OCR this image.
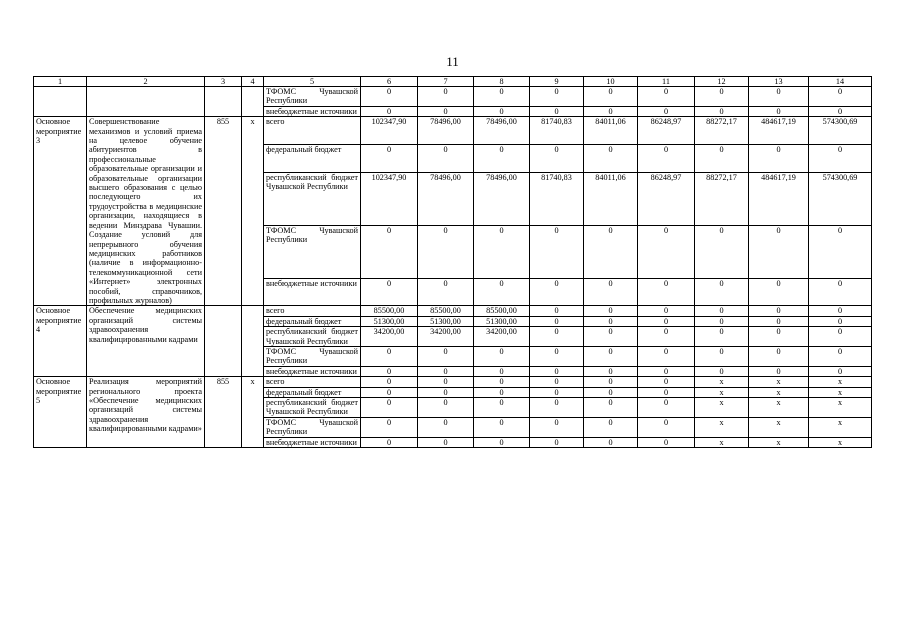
11
1	2	3	4	5	6	7	8	9	10	11	12	13	14
				ТФОМС Чувашской Республики	0	0	0	0	0	0	0	0	0
				внебюджетные источники	0	0	0	0	0	0	0	0	0
Основное мероприятие 3	Совершенствование механизмов и условий приема на целевое обучение абитуриентов в профессиональные образовательные организации и образовательные организации высшего образования с целью последующего их трудоустройства в медицинские организации, находящиеся в ведении Минздрава Чувашии. Создание условий для непрерывного обучения медицинских работников (наличие в информационно-телекоммуникационной сети «Интернет» электронных пособий, справочников, профильных журналов)	855	x	всего	102347,90	78496,00	78496,00	81740,83	84011,06	86248,97	88272,17	484617,19	574300,69
				федеральный бюджет	0	0	0	0	0	0	0	0	0
				республиканский бюджет Чувашской Республики	102347,90	78496,00	78496,00	81740,83	84011,06	86248,97	88272,17	484617,19	574300,69
				ТФОМС Чувашской Республики	0	0	0	0	0	0	0	0	0
				внебюджетные источники	0	0	0	0	0	0	0	0	0
Основное мероприятие 4	Обеспечение медицинских организаций системы здравоохранения квалифицированными кадрами			всего	85500,00	85500,00	85500,00	0	0	0	0	0	0
				федеральный бюджет	51300,00	51300,00	51300,00	0	0	0	0	0	0
				республиканский бюджет Чувашской Республики	34200,00	34200,00	34200,00	0	0	0	0	0	0
				ТФОМС Чувашской Республики	0	0	0	0	0	0	0	0	0
				внебюджетные источники	0	0	0	0	0	0	0	0	0
Основное мероприятие 5	Реализация мероприятий регионального проекта «Обеспечение медицинских организаций системы здравоохранения квалифицированными кадрами»	855	x	всего	0	0	0	0	0	0	x	x	x
				федеральный бюджет	0	0	0	0	0	0	x	x	x
				республиканский бюджет Чувашской Республики	0	0	0	0	0	0	x	x	x
				ТФОМС Чувашской Республики	0	0	0	0	0	0	x	x	x
				внебюджетные источники	0	0	0	0	0	0	x	x	x
